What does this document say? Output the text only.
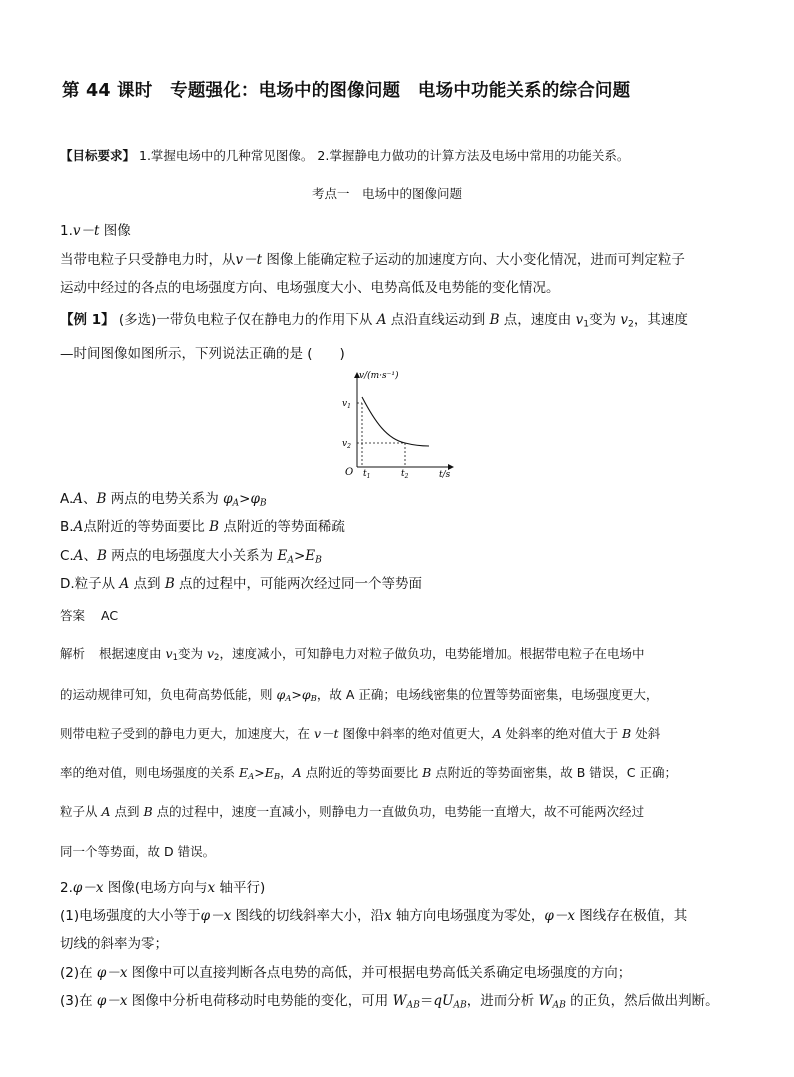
第 44 课时　专题强化：电场中的图像问题　电场中功能关系的综合问题
【目标要求】 1.掌握电场中的几种常见图像。 2.掌握静电力做功的计算方法及电场中常用的功能关系。
考点一　电场中的图像问题
1.v－t 图像
当带电粒子只受静电力时，从v－t 图像上能确定粒子运动的加速度方向、大小变化情况，进而可判定粒子
运动中经过的各点的电场强度方向、电场强度大小、电势高低及电势能的变化情况。
【例 1】 (多选)一带负电粒子仅在静电力的作用下从 A 点沿直线运动到 B 点，速度由 $v_1$变为 $v_2$，其速度
—时间图像如图所示，下列说法正确的是 (　　)
v/(m·s⁻¹)
t/s
O
$v_1$
$v_2$
$t_1$	$t_2$
A.A、B 两点的电势关系为 $\varphi_A>\varphi_B$
B.A点附近的等势面要比 B 点附近的等势面稀疏
C.A、B 两点的电场强度大小关系为 $E_A>E_B$
D.粒子从 A 点到 B 点的过程中，可能两次经过同一个等势面
答案 AC
解析 根据速度由 $v_1$变为 $v_2$，速度减小，可知静电力对粒子做负功，电势能增加。根据带电粒子在电场中
的运动规律可知，负电荷高势低能，则 $\varphi_A>\varphi_B$，故 A 正确；电场线密集的位置等势面密集，电场强度更大，
则带电粒子受到的静电力更大，加速度大，在 v－t 图像中斜率的绝对值更大，A 处斜率的绝对值大于 B 处斜
率的绝对值，则电场强度的关系 $E_A>E_B$，A 点附近的等势面要比 B 点附近的等势面密集，故 B 错误，C 正确；
粒子从 A 点到 B 点的过程中，速度一直减小，则静电力一直做负功，电势能一直增大，故不可能两次经过
同一个等势面，故 D 错误。
2.φ－x 图像(电场方向与x 轴平行)
(1)电场强度的大小等于φ－x 图线的切线斜率大小，沿x 轴方向电场强度为零处，φ－x 图线存在极值，其
切线的斜率为零；
(2)在 φ－x 图像中可以直接判断各点电势的高低，并可根据电势高低关系确定电场强度的方向；
(3)在 φ－x 图像中分析电荷移动时电势能的变化，可用 $W_{AB}=qU_{AB}$，进而分析 $W_{AB}$ 的正负，然后做出判断。
